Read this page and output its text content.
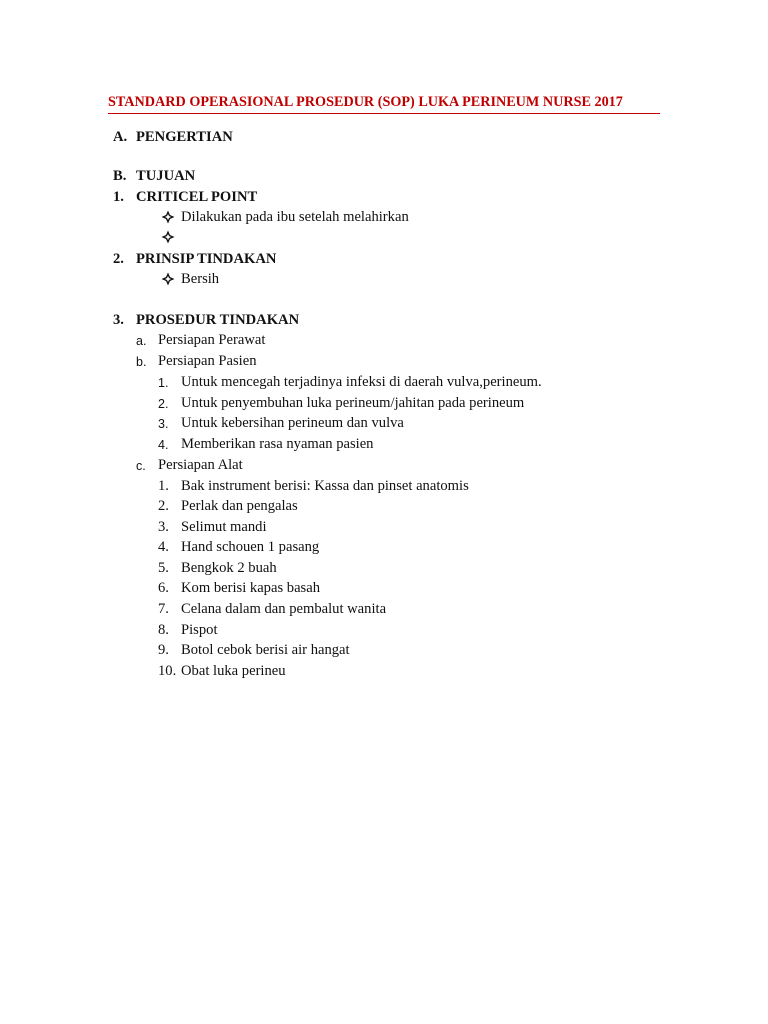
STANDARD OPERASIONAL PROSEDUR (SOP) LUKA PERINEUM NURSE 2017
A. PENGERTIAN
B. TUJUAN
1. CRITICEL POINT
Dilakukan pada ibu setelah melahirkan
2. PRINSIP TINDAKAN
Bersih
3. PROSEDUR TINDAKAN
a. Persiapan Perawat
b. Persiapan Pasien
1. Untuk mencegah terjadinya infeksi di daerah vulva,perineum.
2. Untuk penyembuhan luka perineum/jahitan pada perineum
3. Untuk kebersihan perineum dan vulva
4. Memberikan rasa nyaman pasien
c. Persiapan Alat
1. Bak instrument berisi: Kassa dan pinset anatomis
2. Perlak dan pengalas
3. Selimut mandi
4. Hand schouen 1 pasang
5. Bengkok 2 buah
6. Kom berisi kapas basah
7. Celana dalam dan pembalut wanita
8. Pispot
9. Botol cebok berisi air hangat
10. Obat luka perineu
